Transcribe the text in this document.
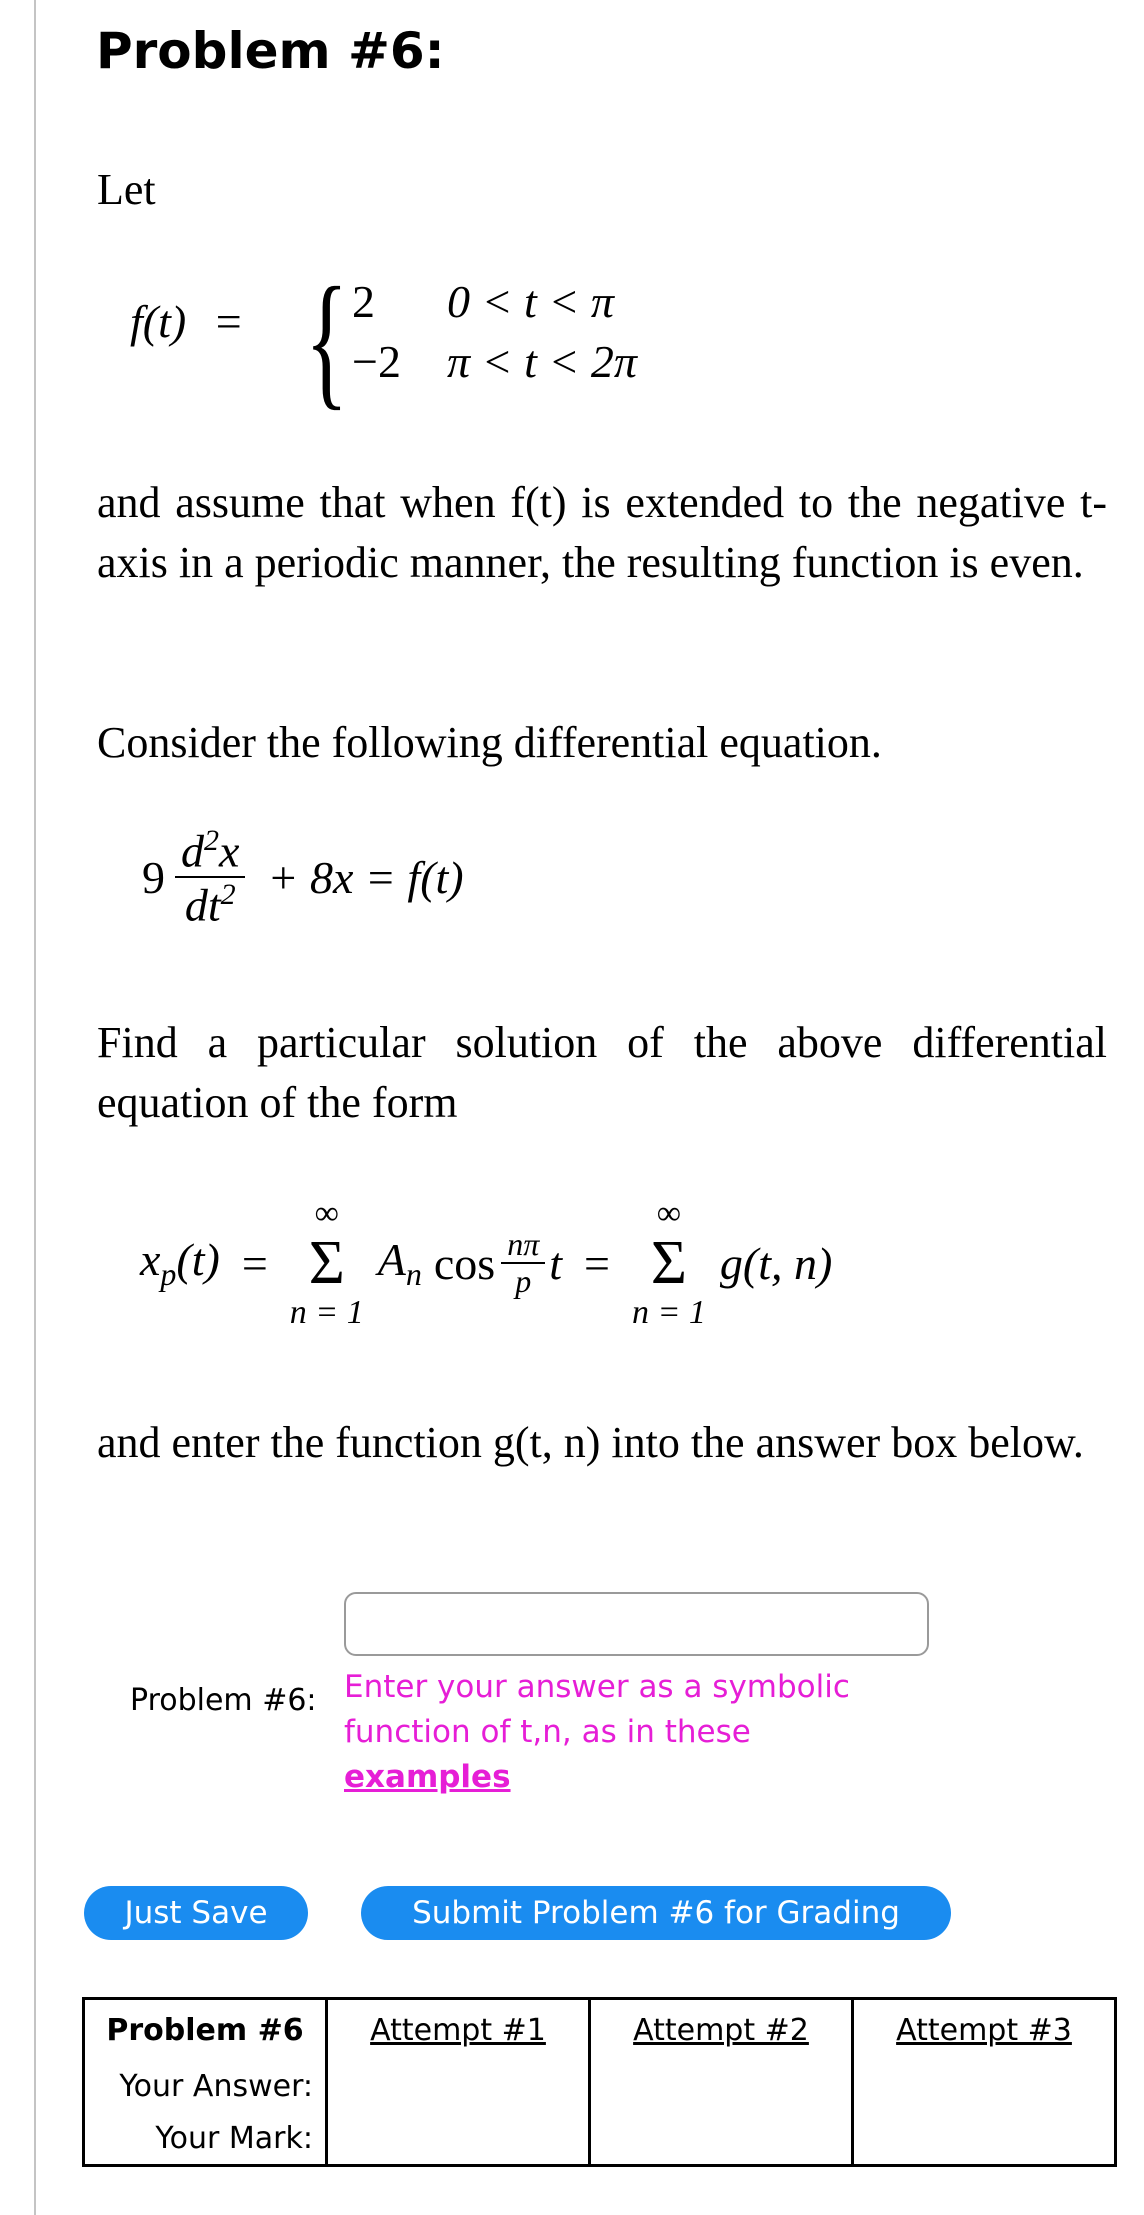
Problem #6:
Let
f(t) = { 2	0 < t < π
−2	π < t < 2π
and assume that when f(t) is extended to the negative t-axis in a periodic manner, the resulting function is even.
Consider the following differential equation.
$9 \frac{d^2x}{dt^2} + 8x = f(t)$
Find a particular solution of the above differential equation of the form
$x_p(t)$ =
∞
Σ
n = 1
$A_n$ $\cos \frac{n\pi}{p}$ t =
∞
Σ
n = 1
g(t, n)
and enter the function g(t, n) into the answer box below.
Problem #6: Enter your answer as a symbolic function of t,n, as in these
examples
Just Save	Submit Problem #6 for Grading
Problem #6	Attempt #1	Attempt #2	Attempt #3
Your Answer:			
Your Mark:			
